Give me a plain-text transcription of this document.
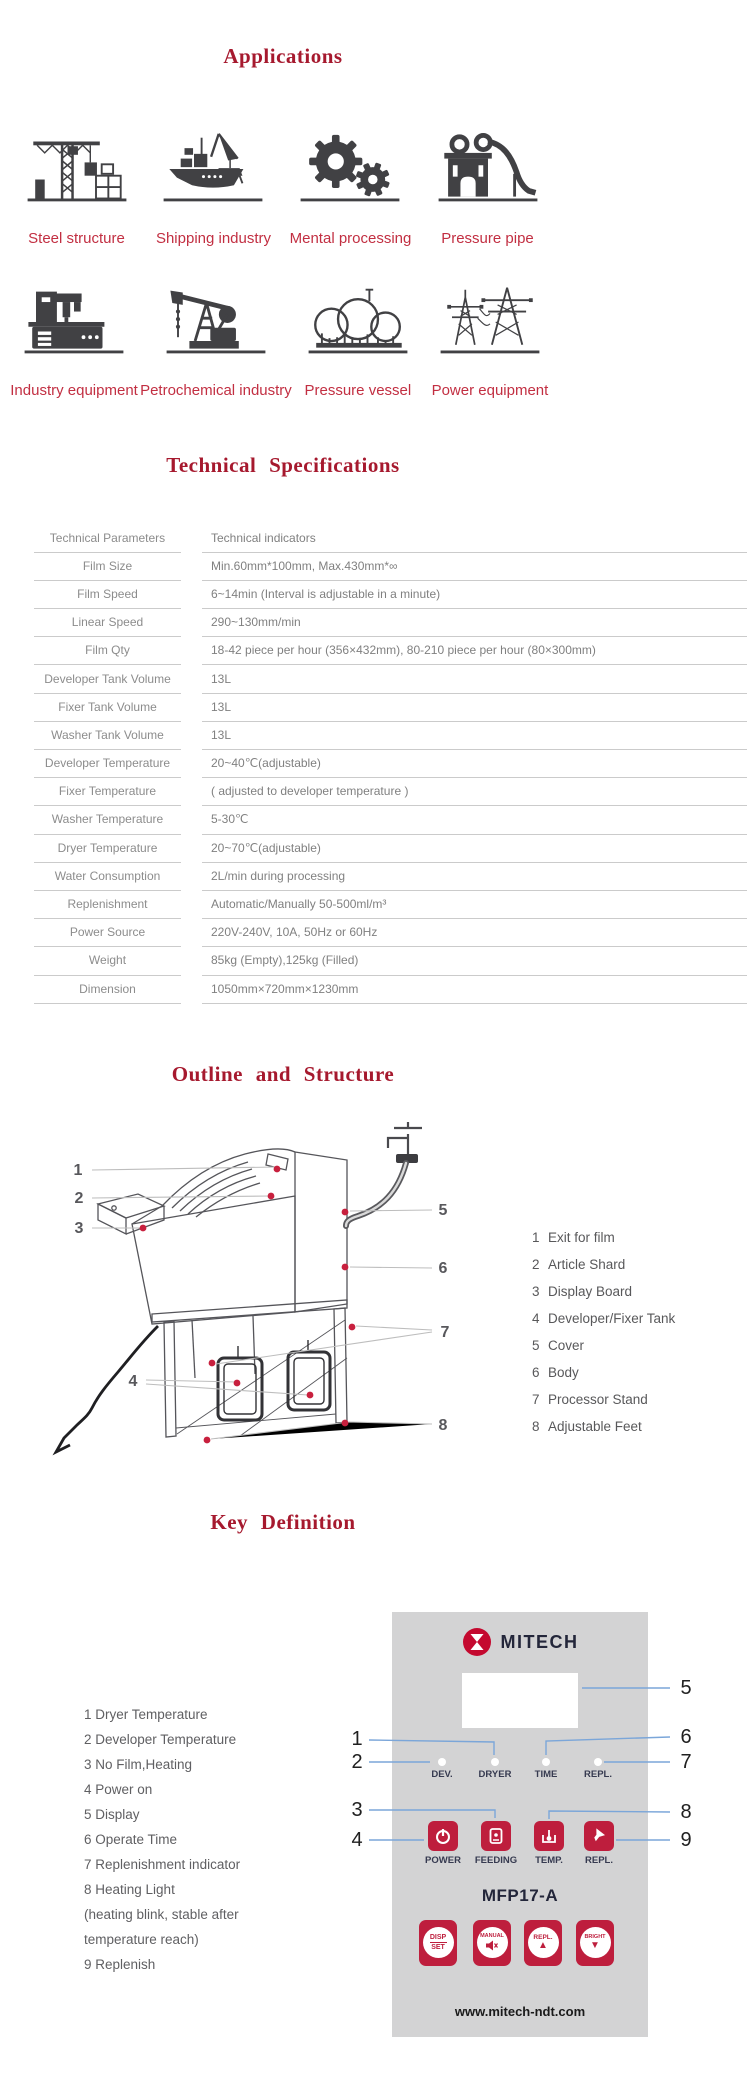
Applications
Steel structure Shipping industry Mental processing Pressure pipe
Industry equipment Petrochemical industry Pressure vessel Power equipment
Technical Specifications
Technical Parameters	Technical indicators
Film Size	Min.60mm*100mm, Max.430mm*∞
Film Speed	6~14min (Interval is adjustable in a minute)
Linear Speed	290~130mm/min
Film Qty	18-42 piece per hour (356×432mm), 80-210 piece per hour (80×300mm)
Developer Tank Volume	13L
Fixer Tank Volume	13L
Washer Tank Volume	13L
Developer Temperature	20~40℃(adjustable)
Fixer Temperature	( adjusted to developer temperature )
Washer Temperature	5-30℃
Dryer Temperature	20~70℃(adjustable)
Water Consumption	2L/min during processing
Replenishment	Automatic/Manually 50-500ml/m³
Power Source	220V-240V, 10A, 50Hz or 60Hz
Weight	85kg (Empty),125kg (Filled)
Dimension	1050mm×720mm×1230mm
Outline and Structure
1
2
3
4
5
6
7
8
1 Exit for film
2 Article Shard
3 Display Board
4 Developer/Fixer Tank
5 Cover
6 Body
7 Processor Stand
8 Adjustable Feet
Key Definition
1 Dryer Temperature
2 Developer Temperature
3 No Film,Heating
4 Power on
5 Display
6 Operate Time
7 Replenishment indicator
8 Heating Light
(heating blink, stable after
temperature reach)
9 Replenish
MITECH
DEV.	DRYER	TIME	REPL.
POWER	FEEDING	TEMP.	REPL.
MFP17-A
DISP
SET
MANUAL	REPL.
▲
BRIGHT
▼
www.mitech-ndt.com
1
2
3
4
5
6
7
8
9
